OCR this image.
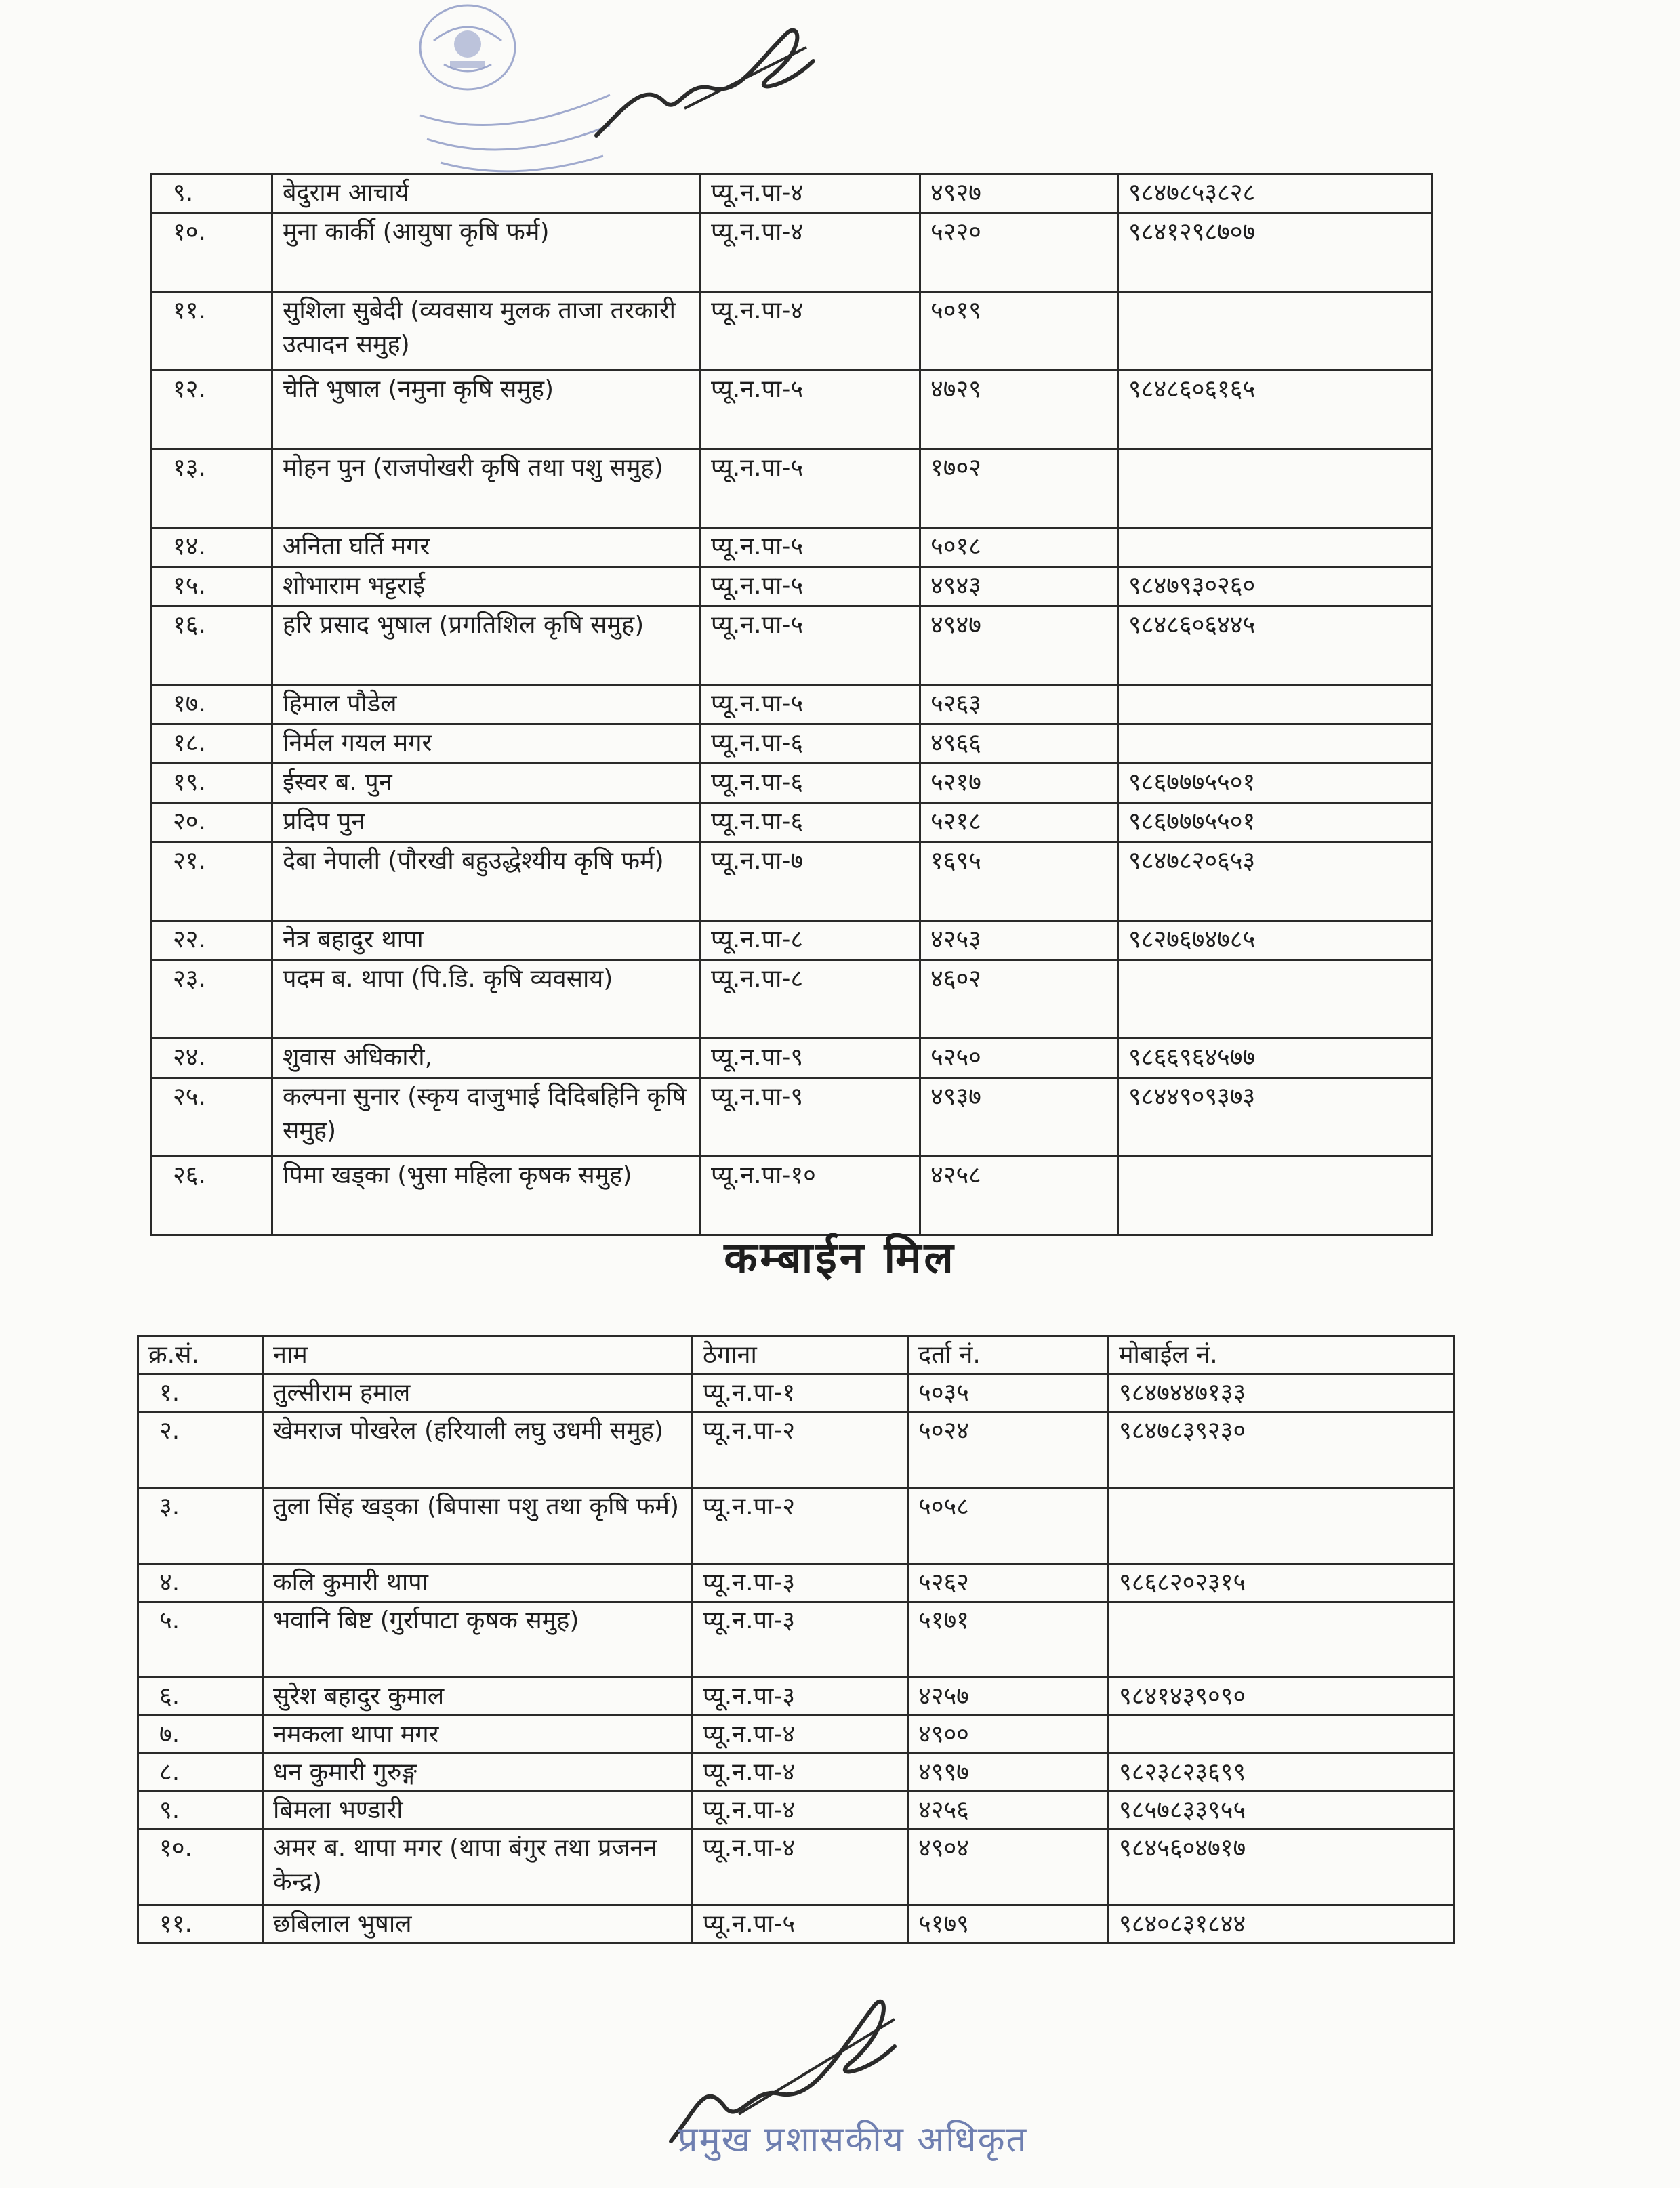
९.	बेदुराम आचार्य	प्यू.न.पा-४	४९२७	९८४७८५३८२८
१०.	मुना कार्की (आयुषा कृषि फर्म)	प्यू.न.पा-४	५२२०	९८४१२९८७०७
११.	सुशिला सुबेदी (व्यवसाय मुलक ताजा तरकारी उत्पादन समुह)	प्यू.न.पा-४	५०१९	
१२.	चेति भुषाल (नमुना कृषि समुह)	प्यू.न.पा-५	४७२९	९८४८६०६१६५
१३.	मोहन पुन (राजपोखरी कृषि तथा पशु समुह)	प्यू.न.पा-५	१७०२	
१४.	अनिता घर्ति मगर	प्यू.न.पा-५	५०१८	
१५.	शोभाराम भट्टराई	प्यू.न.पा-५	४९४३	९८४७९३०२६०
१६.	हरि प्रसाद भुषाल (प्रगतिशिल कृषि समुह)	प्यू.न.पा-५	४९४७	९८४८६०६४४५
१७.	हिमाल पौडेल	प्यू.न.पा-५	५२६३	
१८.	निर्मल गयल मगर	प्यू.न.पा-६	४९६६	
१९.	ईस्वर ब. पुन	प्यू.न.पा-६	५२१७	९८६७७७५५०१
२०.	प्रदिप पुन	प्यू.न.पा-६	५२१८	९८६७७७५५०१
२१.	देबा नेपाली (पौरखी बहुउद्धेश्यीय कृषि फर्म)	प्यू.न.पा-७	१६९५	९८४७८२०६५३
२२.	नेत्र बहादुर थापा	प्यू.न.पा-८	४२५३	९८२७६७४७८५
२३.	पदम ब. थापा (पि.डि. कृषि व्यवसाय)	प्यू.न.पा-८	४६०२	
२४.	शुवास अधिकारी,	प्यू.न.पा-९	५२५०	९८६६९६४५७७
२५.	कल्पना सुनार (स्कृय दाजुभाई दिदिबहिनि कृषि समुह)	प्यू.न.पा-९	४९३७	९८४४९०९३७३
२६.	पिमा खड्का (भुसा महिला कृषक समुह)	प्यू.न.पा-१०	४२५८	
कम्बाईन मिल
क्र.सं.	नाम	ठेगाना	दर्ता नं.	मोबाईल नं.
१.	तुल्सीराम हमाल	प्यू.न.पा-१	५०३५	९८४७४४७१३३
२.	खेमराज पोखरेल (हरियाली लघु उधमी समुह)	प्यू.न.पा-२	५०२४	९८४७८३९२३०
३.	तुला सिंह खड्का (बिपासा पशु तथा कृषि फर्म)	प्यू.न.पा-२	५०५८	
४.	कलि कुमारी थापा	प्यू.न.पा-३	५२६२	९८६८२०२३१५
५.	भवानि बिष्ट (गुर्रापाटा कृषक समुह)	प्यू.न.पा-३	५१७१	
६.	सुरेश बहादुर कुमाल	प्यू.न.पा-३	४२५७	९८४१४३९०९०
७.	नमकला थापा मगर	प्यू.न.पा-४	४९००	
८.	धन कुमारी गुरुङ्ग	प्यू.न.पा-४	४९९७	९८२३८२३६९९
९.	बिमला भण्डारी	प्यू.न.पा-४	४२५६	९८५७८३३९५५
१०.	अमर ब. थापा मगर (थापा बंगुर तथा प्रजनन केन्द्र)	प्यू.न.पा-४	४९०४	९८४५६०४७१७
११.	छबिलाल भुषाल	प्यू.न.पा-५	५१७९	९८४०८३१८४४
प्रमुख प्रशासकीय अधिकृत
